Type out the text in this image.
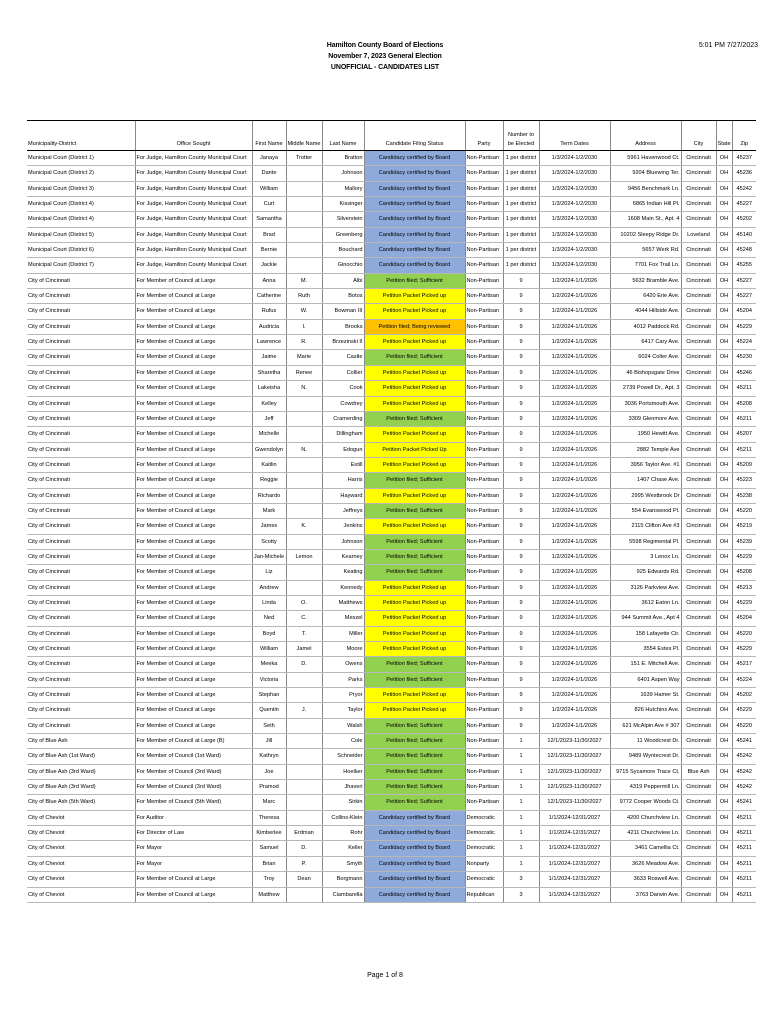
Hamilton County Board of Elections
November 7, 2023 General Election
UNOFFICIAL - CANDIDATES LIST
5:01 PM 7/27/2023
Municipality-District	Office Sought	First Name	Middle Name	Last Name	Candidate Filing Status	Party	Number to be Elected	Term Dates	Address	City	State	Zip
Municipal Court (District 1)	For Judge, Hamilton County Municipal Court	Janaya	Trotter	Bratton	Candidacy certified by Board	Non-Partisan	1 per district	1/3/2024-1/2/2030	5961 Havenwood Ct.	Cincinnati	OH	45237
Municipal Court (District 2)	For Judge, Hamilton County Municipal Court	Dante		Johnson	Candidacy certified by Board	Non-Partisan	1 per district	1/3/2024-1/2/2030	9204 Bluewing Ter.	Cincinnati	OH	45236
Municipal Court (District 3)	For Judge, Hamilton County Municipal Court	William		Mallory	Candidacy certified by Board	Non-Partisan	1 per district	1/3/2024-1/2/2030	9456 Benchmark Ln.	Cincinnati	OH	45242
Municipal Court (District 4)	For Judge, Hamilton County Municipal Court	Curt		Kissinger	Candidacy certified by Board	Non-Partisan	1 per district	1/3/2024-1/2/2030	6865 Indian Hill Pl.	Cincinnati	OH	45227
Municipal Court (District 4)	For Judge, Hamilton County Municipal Court	Samantha		Silverstein	Candidacy certified by Board	Non-Partisan	1 per district	1/3/2024-1/2/2030	1608 Main St., Apt. 4	Cincinnati	OH	45202
Municipal Court (District 5)	For Judge, Hamilton County Municipal Court	Brad		Greenberg	Candidacy certified by Board	Non-Partisan	1 per district	1/3/2024-1/2/2030	10202 Sleepy Ridge Dr.	Loveland	OH	45140
Municipal Court (District 6)	For Judge, Hamilton County Municipal Court	Bernie		Bouchard	Candidacy certified by Board	Non-Partisan	1 per district	1/3/2024-1/2/2030	5657 Werk Rd.	Cincinnati	OH	45248
Municipal Court (District 7)	For Judge, Hamilton County Municipal Court	Jackie		Ginocchio	Candidacy certified by Board	Non-Partisan	1 per district	1/3/2024-1/2/2030	7701 Fox Trail Ln.	Cincinnati	OH	45255
City of Cincinnati	For Member of Council at Large	Anna	M.	Albi	Petition filed; Sufficient	Non-Partisan	9	1/2/2024-1/1/2026	5632 Bramble Ave.	Cincinnati	OH	45227
City of Cincinnati	For Member of Council at Large	Catherine	Ruth	Botos	Petition Packet Picked up	Non-Partisan	9	1/2/2024-1/1/2026	6420 Erie Ave.	Cincinnati	OH	45227
City of Cincinnati	For Member of Council at Large	Rufus	W.	Bowman III	Petition Packet Picked up	Non-Partisan	9	1/2/2024-1/1/2026	4044 Hillside Ave.	Cincinnati	OH	45204
City of Cincinnati	For Member of Council at Large	Audricia	I.	Brooks	Petition filed; Being reviewed	Non-Partisan	9	1/2/2024-1/1/2026	4012 Paddock Rd.	Cincinnati	OH	45229
City of Cincinnati	For Member of Council at Large	Lawrence	R.	Brzezinski II	Petition Packet Picked up	Non-Partisan	9	1/2/2024-1/1/2026	6417 Cary Ave.	Cincinnati	OH	45224
City of Cincinnati	For Member of Council at Large	Jaime	Marie	Castle	Petition filed; Sufficient	Non-Partisan	9	1/2/2024-1/1/2026	6024 Colter Ave.	Cincinnati	OH	45230
City of Cincinnati	For Member of Council at Large	Sharetha	Renee	Collier	Petition Packet Picked up	Non-Partisan	9	1/2/2024-1/1/2026	46 Bishopsgate Drive	Cincinnati	OH	45246
City of Cincinnati	For Member of Council at Large	Lakeisha	N.	Cook	Petition Packet Picked up	Non-Partisan	9	1/2/2024-1/1/2026	2739 Powell Dr., Apt. 3	Cincinnati	OH	45211
City of Cincinnati	For Member of Council at Large	Kelley		Cowdrey	Petition Packet Picked up	Non-Partisan	9	1/2/2024-1/1/2026	3036 Portsmouth Ave.	Cincinnati	OH	45208
City of Cincinnati	For Member of Council at Large	Jeff		Cramerding	Petition filed; Sufficient	Non-Partisan	9	1/2/2024-1/1/2026	3309 Glenmore Ave.	Cincinnati	OH	45211
City of Cincinnati	For Member of Council at Large	Michelle		Dillingham	Petition Packet Picked up	Non-Partisan	9	1/2/2024-1/1/2026	1950 Hewitt Ave.	Cincinnati	OH	45207
City of Cincinnati	For Member of Council at Large	Gwendolyn	N.	Edogun	Petition Packet Picked Up	Non-Partisan	9	1/2/2024-1/1/2026	2882 Temple Ave	Cincinnati	OH	45211
City of Cincinnati	For Member of Council at Large	Kaitlin		Estill	Petition Packet Picked up	Non-Partisan	9	1/2/2024-1/1/2026	3956 Taylor Ave. #1	Cincinnati	OH	45209
City of Cincinnati	For Member of Council at Large	Reggie		Harris	Petition filed; Sufficient	Non-Partisan	9	1/2/2024-1/1/2026	1407 Chase Ave.	Cincinnati	OH	45223
City of Cincinnati	For Member of Council at Large	Richardo		Hayward	Petition Packet Picked up	Non-Partisan	9	1/2/2024-1/1/2026	2995 Westbrook Dr	Cincinnati	OH	45238
City of Cincinnati	For Member of Council at Large	Mark		Jeffreys	Petition filed; Sufficient	Non-Partisan	9	1/2/2024-1/1/2026	554 Evanswood Pl.	Cincinnati	OH	45220
City of Cincinnati	For Member of Council at Large	James	K.	Jenkins	Petition Packet Picked up	Non-Partisan	9	1/2/2024-1/1/2026	2115 Clifton Ave #3	Cincinnati	OH	45219
City of Cincinnati	For Member of Council at Large	Scotty		Johnson	Petition filed; Sufficient	Non-Partisan	9	1/2/2024-1/1/2026	5598 Regimental Pl.	Cincinnati	OH	45239
City of Cincinnati	For Member of Council at Large	Jan-Michele	Lemon	Kearney	Petition filed; Sufficient	Non-Partisan	9	1/2/2024-1/1/2026	3 Lenox Ln.	Cincinnati	OH	45229
City of Cincinnati	For Member of Council at Large	Liz		Keating	Petition filed; Sufficient	Non-Partisan	9	1/2/2024-1/1/2026	925 Edwards Rd.	Cincinnati	OH	45208
City of Cincinnati	For Member of Council at Large	Andrew		Kennedy	Petition Packet Picked up	Non-Partisan	9	1/2/2024-1/1/2026	3126 Parkview Ave.	Cincinnati	OH	45213
City of Cincinnati	For Member of Council at Large	Linda	O.	Matthews	Petition Packet Picked up	Non-Partisan	9	1/2/2024-1/1/2026	3612 Eaton Ln.	Cincinnati	OH	45229
City of Cincinnati	For Member of Council at Large	Ned	C.	Meszel	Petition Packet Picked up	Non-Partisan	9	1/2/2024-1/1/2026	944 Summit Ave., Apt 4	Cincinnati	OH	45204
City of Cincinnati	For Member of Council at Large	Boyd	T.	Miller	Petition Packet Picked up	Non-Partisan	9	1/2/2024-1/1/2026	158 Lafayette Cir.	Cincinnati	OH	45220
City of Cincinnati	For Member of Council at Large	William	Jamel	Moore	Petition Packet Picked up	Non-Partisan	9	1/2/2024-1/1/2026	3554 Estes Pl.	Cincinnati	OH	45229
City of Cincinnati	For Member of Council at Large	Meeka	D.	Owens	Petition filed; Sufficient	Non-Partisan	9	1/2/2024-1/1/2026	151 E. Mitchell Ave.	Cincinnati	OH	45217
City of Cincinnati	For Member of Council at Large	Victoria		Parks	Petition filed; Sufficient	Non-Partisan	9	1/2/2024-1/1/2026	6401 Aspen Way	Cincinnati	OH	45224
City of Cincinnati	For Member of Council at Large	Stephan		Pryor	Petition Packet Picked up	Non-Partisan	9	1/2/2024-1/1/2026	1639 Hamer St.	Cincinnati	OH	45202
City of Cincinnati	For Member of Council at Large	Quentin	J.	Taylor	Petition Packet Picked up	Non-Partisan	9	1/2/2024-1/1/2026	826 Hutchins Ave.	Cincinnati	OH	45229
City of Cincinnati	For Member of Council at Large	Seth		Walsh	Petition filed; Sufficient	Non-Partisan	9	1/2/2024-1/1/2026	621 McAlpin Ave # 307	Cincinnati	OH	45220
City of Blue Ash	For Member of Council at Large (B)	Jill		Cole	Petition filed; Sufficient	Non-Partisan	1	12/1/2023-11/30/2027	11 Woodcrest Dr.	Cincinnati	OH	45241
City of Blue Ash (1st Ward)	For Member of Council (1st Ward)	Kathryn		Schneider	Petition filed; Sufficient	Non-Partisan	1	12/1/2023-11/30/2027	9489 Wyntecrest Dr.	Cincinnati	OH	45242
City of Blue Ash (3rd Ward)	For Member of Council (3rd Ward)	Joe		Hoelker	Petition filed; Sufficient	Non-Partisan	1	12/1/2023-11/30/2027	9715 Sycamore Trace Ct.	Blue Ash	OH	45242
City of Blue Ash (3rd Ward)	For Member of Council (3rd Ward)	Pramod		Jhaveri	Petition filed; Sufficient	Non-Partisan	1	12/1/2023-11/30/2027	4319 Peppermill Ln.	Cincinnati	OH	45242
City of Blue Ash (5th Ward)	For Member of Council (5th Ward)	Marc		Sirkin	Petition filed; Sufficient	Non-Partisan	1	12/1/2023-11/30/2027	9772 Cooper Woods Ct.	Cincinnati	OH	45241
City of Cheviot	For Auditor	Theresa		Collins-Klein	Candidacy certified by Board	Democratic	1	1/1/2024-12/31/2027	4200 Churchview Ln.	Cincinnati	OH	45211
City of Cheviot	For Director of Law	Kimberlee	Erdman	Rohr	Candidacy certified by Board	Democratic	1	1/1/2024-12/31/2027	4211 Churchview Ln.	Cincinnati	OH	45211
City of Cheviot	For Mayor	Samuel	D.	Keller	Candidacy certified by Board	Democratic	1	1/1/2024-12/31/2027	3461 Camellia Ct.	Cincinnati	OH	45211
City of Cheviot	For Mayor	Brian	P.	Smyth	Candidacy certified by Board	Nonparty	1	1/1/2024-12/31/2027	3626 Meadow Ave.	Cincinnati	OH	45211
City of Cheviot	For Member of Council at Large	Troy	Dean	Borgmann	Candidacy certified by Board	Democratic	3	1/1/2024-12/31/2027	3633 Roswell Ave.	Cincinnati	OH	45211
City of Cheviot	For Member of Council at Large	Matthew		Ciambarella	Candidacy certified by Board	Republican	3	1/1/2024-12/31/2027	3763 Darwin Ave.	Cincinnati	OH	45211
Page 1 of 8
